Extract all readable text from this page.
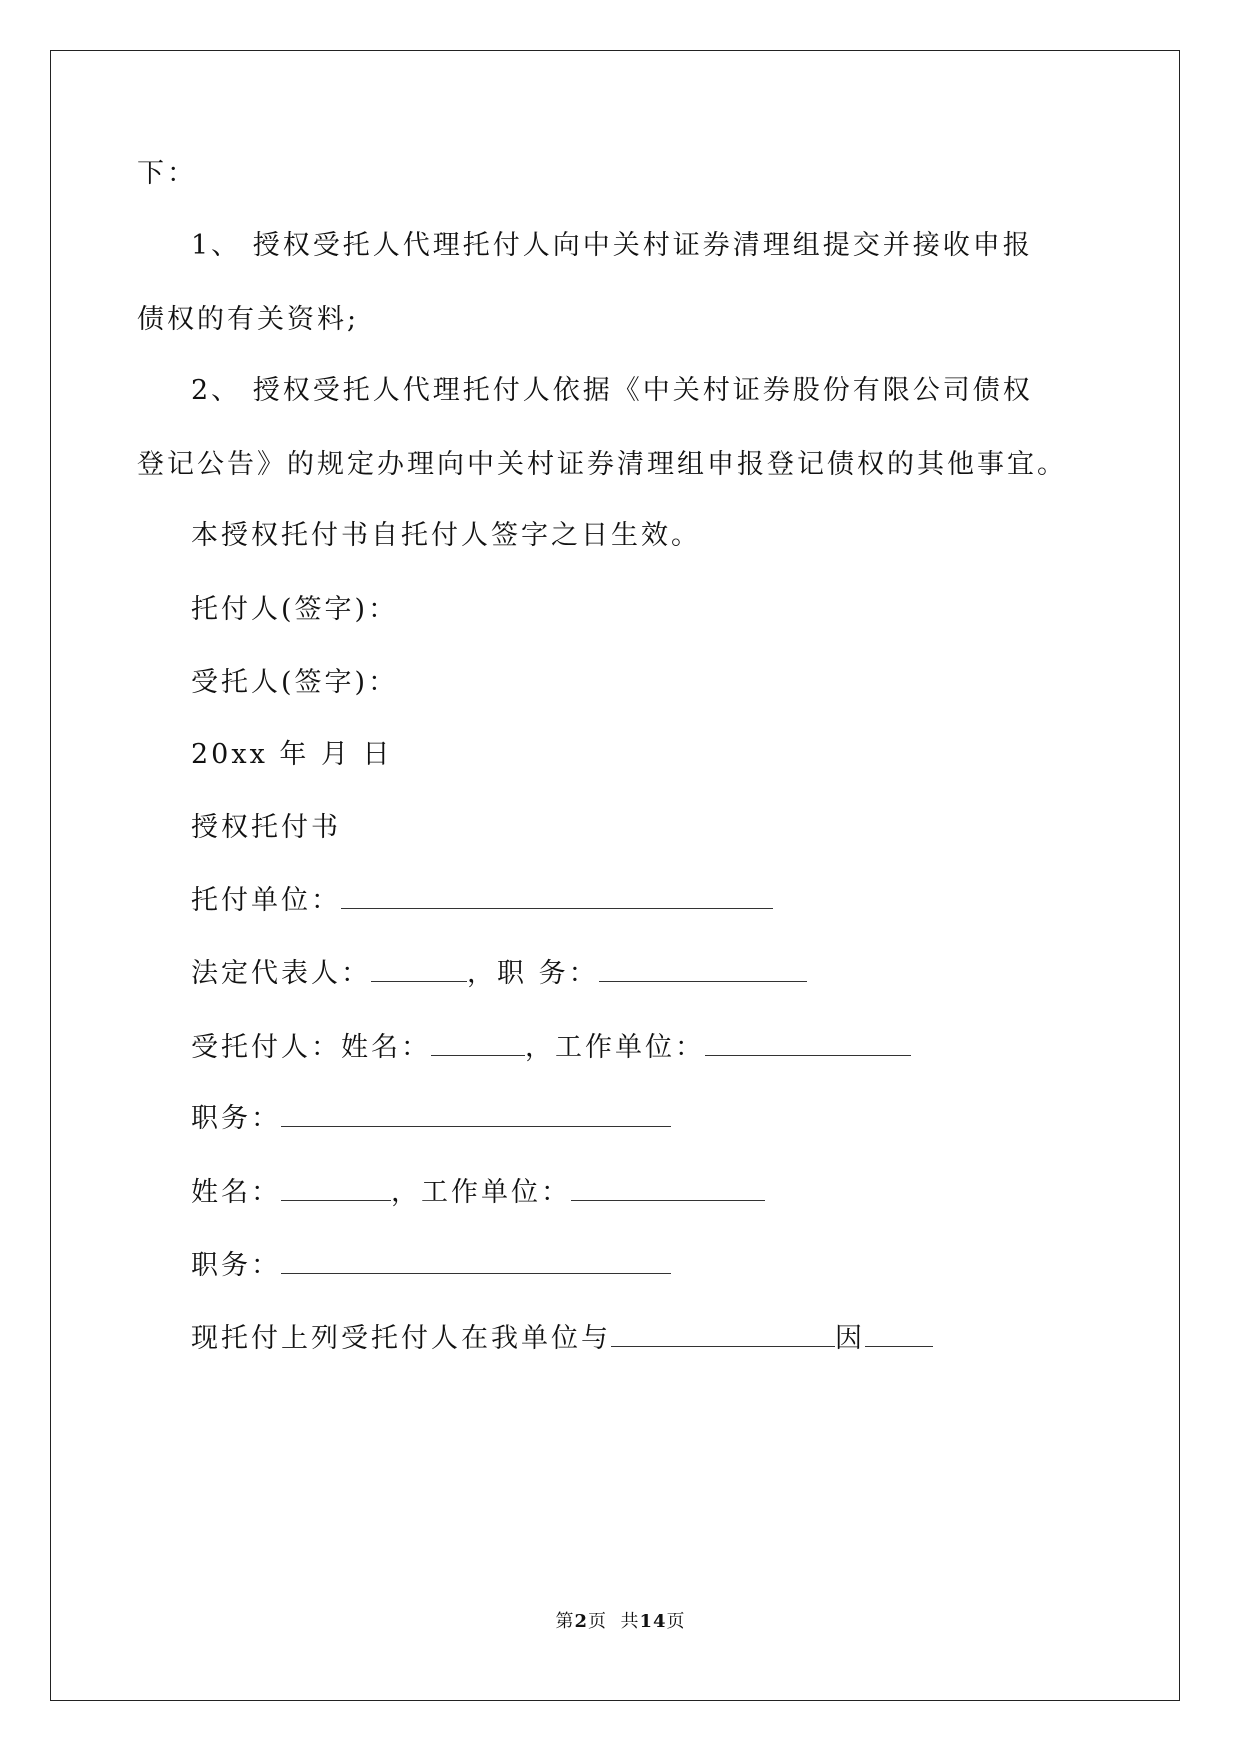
下：
1、 授权受托人代理托付人向中关村证券清理组提交并接收申报
债权的有关资料;
2、 授权受托人代理托付人依据《中关村证券股份有限公司债权
登记公告》的规定办理向中关村证券清理组申报登记债权的其他事宜。
本授权托付书自托付人签字之日生效。
托付人(签字)：
受托人(签字)：
20xx 年 月 日
授权托付书
托付单位：
法定代表人：	，职 务：
受托付人：姓名：	，工作单位：
职务：
姓名：	，工作单位：
职务：
现托付上列受托付人在我单位与	因
第2页  共14页
